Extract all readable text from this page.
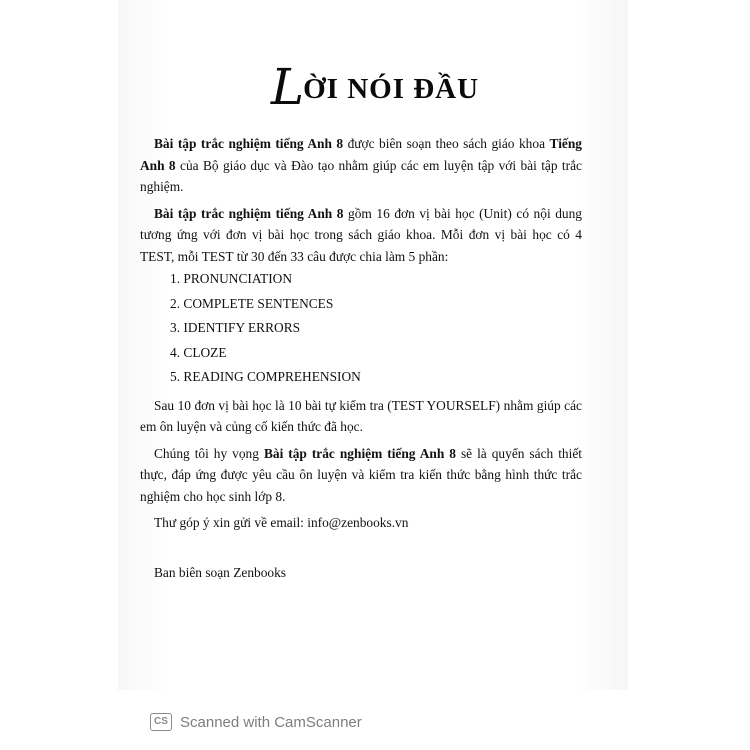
LỜI NÓI ĐẦU

Bài tập trắc nghiệm tiếng Anh 8 được biên soạn theo sách giáo khoa Tiếng Anh 8 của Bộ giáo dục và Đào tạo nhằm giúp các em luyện tập với bài tập trắc nghiệm.

Bài tập trắc nghiệm tiếng Anh 8 gồm 16 đơn vị bài học (Unit) có nội dung tương ứng với đơn vị bài học trong sách giáo khoa. Mỗi đơn vị bài học có 4 TEST, mỗi TEST từ 30 đến 33 câu được chia làm 5 phần:

1. PRONUNCIATION
2. COMPLETE SENTENCES
3. IDENTIFY ERRORS
4. CLOZE
5. READING COMPREHENSION

Sau 10 đơn vị bài học là 10 bài tự kiểm tra (TEST YOURSELF) nhằm giúp các em ôn luyện và củng cố kiến thức đã học.

Chúng tôi hy vọng Bài tập trắc nghiệm tiếng Anh 8 sẽ là quyển sách thiết thực, đáp ứng được yêu cầu ôn luyện và kiểm tra kiến thức bằng hình thức trắc nghiệm cho học sinh lớp 8.

Thư góp ý xin gửi về email: info@zenbooks.vn

Ban biên soạn Zenbooks

CS Scanned with CamScanner
